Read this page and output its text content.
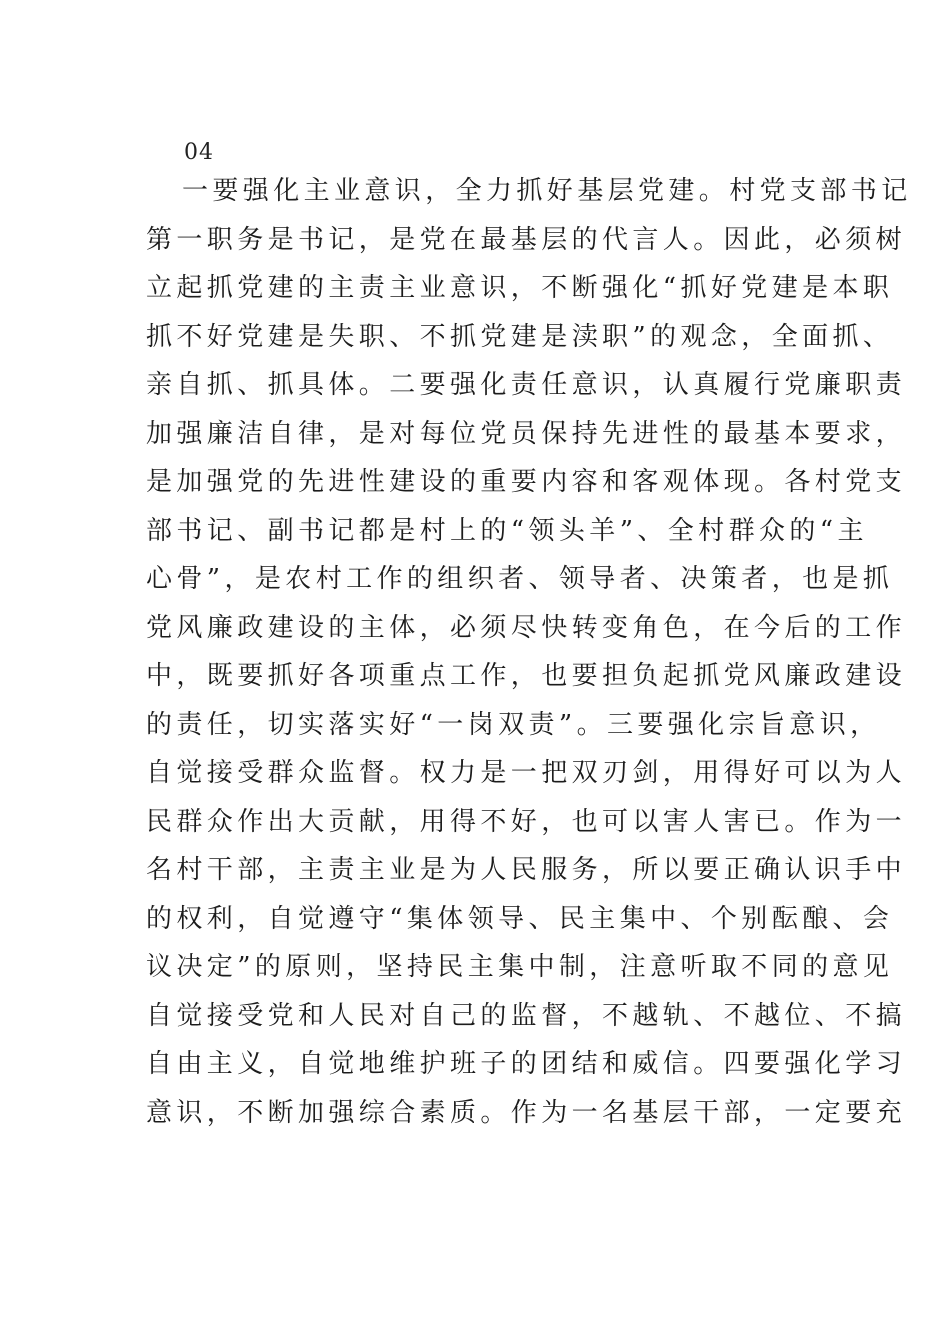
04
一要强化主业意识，全力抓好基层党建。村党支部书记
第一职务是书记，是党在最基层的代言人。因此，必须树
立起抓党建的主责主业意识，不断强化“抓好党建是本职
抓不好党建是失职、不抓党建是渎职”的观念，全面抓、
亲自抓、抓具体。二要强化责任意识，认真履行党廉职责
加强廉洁自律，是对每位党员保持先进性的最基本要求，
是加强党的先进性建设的重要内容和客观体现。各村党支
部书记、副书记都是村上的“领头羊”、全村群众的“主
心骨”，是农村工作的组织者、领导者、决策者，也是抓
党风廉政建设的主体，必须尽快转变角色，在今后的工作
中，既要抓好各项重点工作，也要担负起抓党风廉政建设
的责任，切实落实好“一岗双责”。三要强化宗旨意识，
自觉接受群众监督。权力是一把双刃剑，用得好可以为人
民群众作出大贡献，用得不好，也可以害人害已。作为一
名村干部，主责主业是为人民服务，所以要正确认识手中
的权利，自觉遵守“集体领导、民主集中、个别酝酿、会
议决定”的原则，坚持民主集中制，注意听取不同的意见
自觉接受党和人民对自己的监督，不越轨、不越位、不搞
自由主义，自觉地维护班子的团结和威信。四要强化学习
意识，不断加强综合素质。作为一名基层干部，一定要充
